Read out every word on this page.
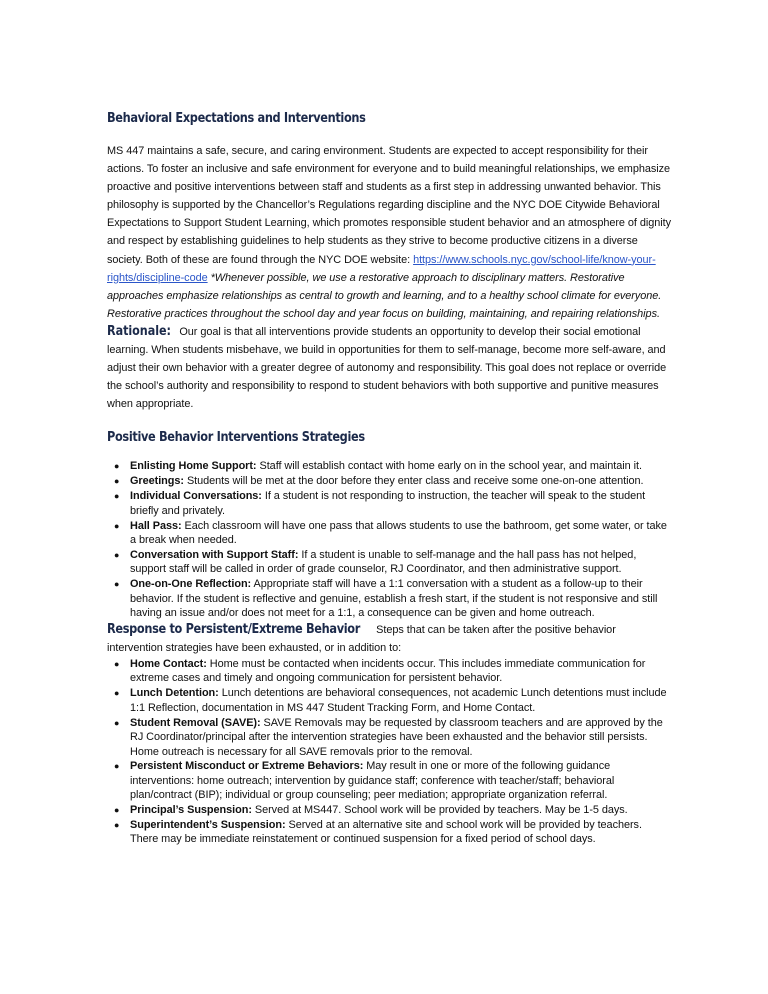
Behavioral Expectations and Interventions

MS 447 maintains a safe, secure, and caring environment. Students are expected to accept responsibility for their actions. To foster an inclusive and safe environment for everyone and to build meaningful relationships, we emphasize proactive and positive interventions between staff and students as a first step in addressing unwanted behavior. This philosophy is supported by the Chancellor’s Regulations regarding discipline and the NYC DOE Citywide Behavioral Expectations to Support Student Learning, which promotes responsible student behavior and an atmosphere of dignity and respect by establishing guidelines to help students as they strive to become productive citizens in a diverse society. Both of these are found through the NYC DOE website: https://www.schools.nyc.gov/school-life/know-your-rights/discipline-code *Whenever possible, we use a restorative approach to disciplinary matters. Restorative approaches emphasize relationships as central to growth and learning, and to a healthy school climate for everyone. Restorative practices throughout the school day and year focus on building, maintaining, and repairing relationships.

Rationale: Our goal is that all interventions provide students an opportunity to develop their social emotional learning. When students misbehave, we build in opportunities for them to self-manage, become more self-aware, and adjust their own behavior with a greater degree of autonomy and responsibility. This goal does not replace or override the school’s authority and responsibility to respond to student behaviors with both supportive and punitive measures when appropriate.

Positive Behavior Interventions Strategies
● Enlisting Home Support: Staff will establish contact with home early on in the school year, and maintain it.
● Greetings: Students will be met at the door before they enter class and receive some one-on-one attention.
● Individual Conversations: If a student is not responding to instruction, the teacher will speak to the student briefly and privately.
● Hall Pass: Each classroom will have one pass that allows students to use the bathroom, get some water, or take a break when needed.
● Conversation with Support Staff: If a student is unable to self-manage and the hall pass has not helped, support staff will be called in order of grade counselor, RJ Coordinator, and then administrative support.
● One-on-One Reflection: Appropriate staff will have a 1:1 conversation with a student as a follow-up to their behavior. If the student is reflective and genuine, establish a fresh start, if the student is not responsive and still having an issue and/or does not meet for a 1:1, a consequence can be given and home outreach.

Response to Persistent/Extreme Behavior Steps that can be taken after the positive behavior intervention strategies have been exhausted, or in addition to:

● Home Contact: Home must be contacted when incidents occur. This includes immediate communication for extreme cases and timely and ongoing communication for persistent behavior.
● Lunch Detention: Lunch detentions are behavioral consequences, not academic Lunch detentions must include 1:1 Reflection, documentation in MS 447 Student Tracking Form, and Home Contact.
● Student Removal (SAVE): SAVE Removals may be requested by classroom teachers and are approved by the RJ Coordinator/principal after the intervention strategies have been exhausted and the behavior still persists. Home outreach is necessary for all SAVE removals prior to the removal.
● Persistent Misconduct or Extreme Behaviors: May result in one or more of the following guidance interventions: home outreach; intervention by guidance staff; conference with teacher/staff; behavioral plan/contract (BIP); individual or group counseling; peer mediation; appropriate organization referral.
● Principal’s Suspension: Served at MS447. School work will be provided by teachers. May be 1-5 days.
● Superintendent’s Suspension: Served at an alternative site and school work will be provided by teachers. There may be immediate reinstatement or continued suspension for a fixed period of school days.
